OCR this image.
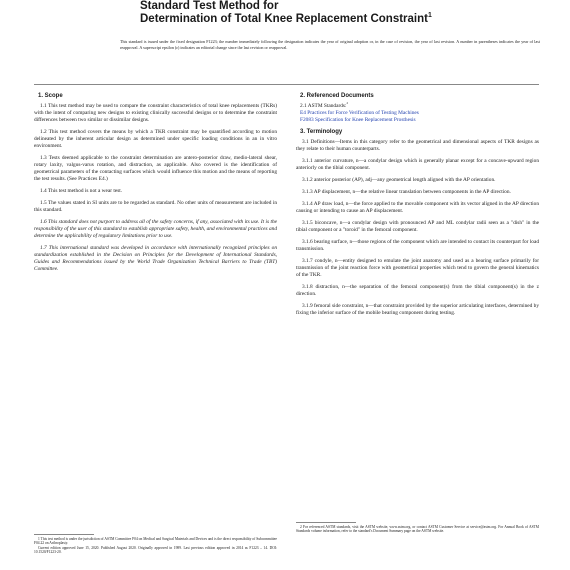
Standard Test Method for
Determination of Total Knee Replacement Constraint$^1$
This standard is issued under the fixed designation F1223; the number immediately following the designation indicates the year of original adoption or, in the case of revision, the year of last revision. A number in parentheses indicates the year of last reapproval. A superscript epsilon (ε) indicates an editorial change since the last revision or reapproval.
1. Scope

1.1 This test method may be used to compare the constraint characteristics of total knee replacements (TKRs) with the intent of comparing new designs to existing clinically successful designs or to determine the constraint differences between two similar or dissimilar designs.

1.2 This test method covers the means by which a TKR constraint may be quantified according to motion delineated by the inherent articular design as determined under specific loading conditions in an in vitro environment.

1.3 Tests deemed applicable to the constraint determination are antero-posterior draw, medio-lateral shear, rotary laxity, valgus-varus rotation, and distraction, as applicable. Also covered is the identification of geometrical parameters of the contacting surfaces which would influence this motion and the means of reporting the test results. (See Practices E4.)

1.4 This test method is not a wear test.

1.5 The values stated in SI units are to be regarded as standard. No other units of measurement are included in this standard.

1.6 This standard does not purport to address all of the safety concerns, if any, associated with its use. It is the responsibility of the user of this standard to establish appropriate safety, health, and environmental practices and determine the applicability of regulatory limitations prior to use.

1.7 This international standard was developed in accordance with internationally recognized principles on standardization established in the Decision on Principles for the Development of International Standards, Guides and Recommendations issued by the World Trade Organization Technical Barriers to Trade (TBT) Committee.

1 This test method is under the jurisdiction of ASTM Committee F04 on Medical and Surgical Materials and Devices and is the direct responsibility of Subcommittee F04.22 on Arthroplasty.

Current edition approved June 15, 2020. Published August 2020. Originally approved in 1989. Last previous edition approved in 2014 as F1223 – 14. DOI: 10.1520/F1223-20.

2. Referenced Documents
2.1 ASTM Standards:$^2$
E4 Practices for Force Verification of Testing Machines
F2083 Specification for Knee Replacement Prosthesis
3. Terminology

3.1 Definitions—Items in this category refer to the geometrical and dimensional aspects of TKR designs as they relate to their human counterparts.

3.1.1 anterior curvature, n—a condylar design which is generally planar except for a concave-upward region anteriorly on the tibial component.

3.1.2 anterior posterior (AP), adj—any geometrical length aligned with the AP orientation.

3.1.3 AP displacement, n—the relative linear translation between components in the AP direction.

3.1.4 AP draw load, n—the force applied to the movable component with its vector aligned in the AP direction causing or intending to cause an AP displacement.

3.1.5 biconcave, n—a condylar design with pronounced AP and ML condylar radii seen as a "dish" in the tibial component or a "toroid" in the femoral component.

3.1.6 bearing surface, n—those regions of the component which are intended to contact its counterpart for load transmission.

3.1.7 condyle, n—entity designed to emulate the joint anatomy and used as a bearing surface primarily for transmission of the joint reaction force with geometrical properties which tend to govern the general kinematics of the TKR.

3.1.8 distraction, n—the separation of the femoral component(s) from the tibial component(s) in the z direction.

3.1.9 femoral side constraint, n—that constraint provided by the superior articulating interfaces, determined by fixing the inferior surface of the mobile bearing component during testing.

2 For referenced ASTM standards, visit the ASTM website, www.astm.org, or contact ASTM Customer Service at service@astm.org. For Annual Book of ASTM Standards volume information, refer to the standard's Document Summary page on the ASTM website.
